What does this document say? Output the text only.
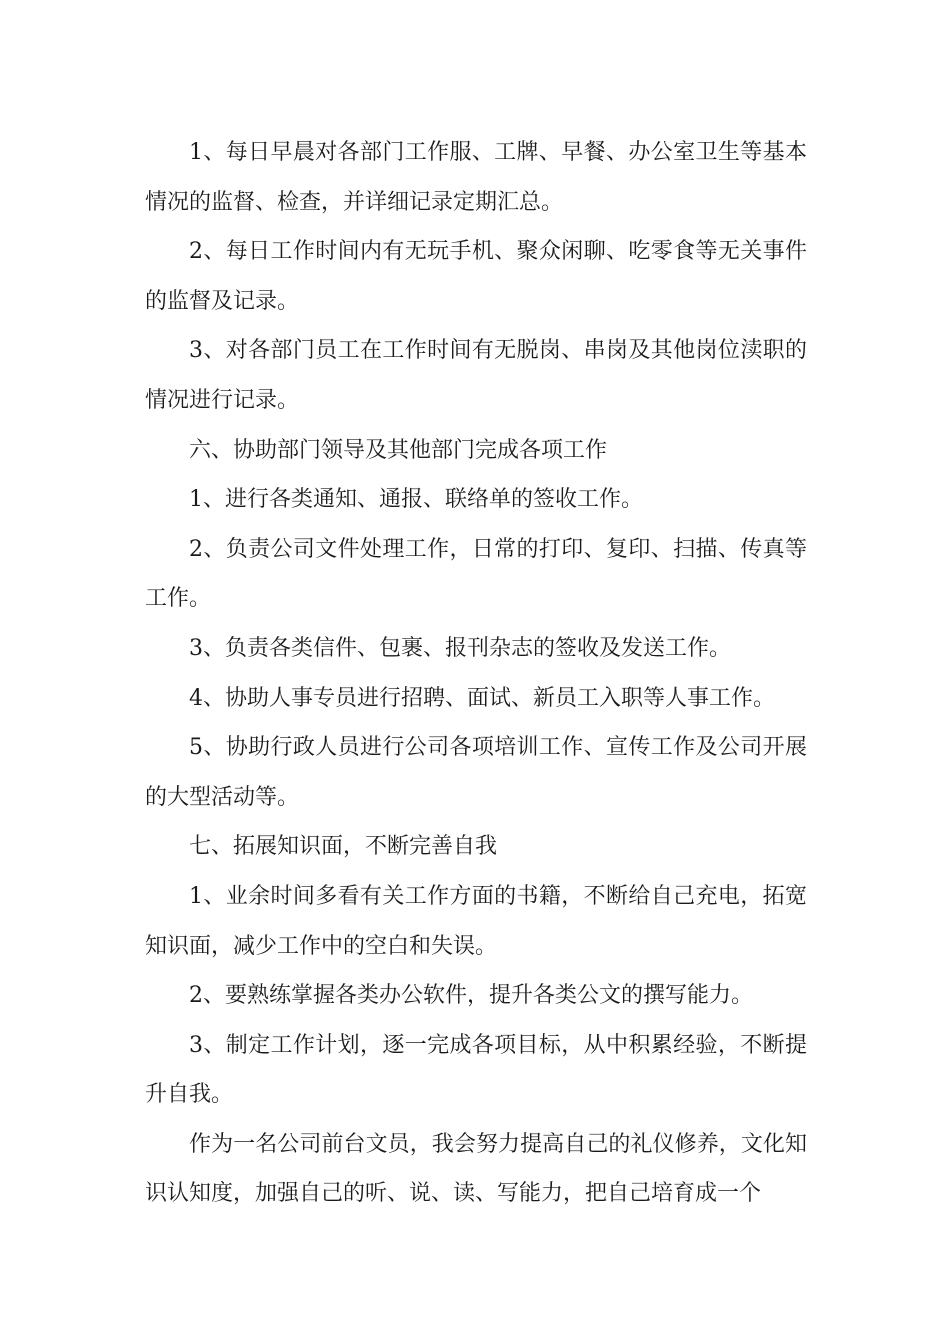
1、每日早晨对各部门工作服、工牌、早餐、办公室卫生等基本情况的监督、检查，并详细记录定期汇总。

2、每日工作时间内有无玩手机、聚众闲聊、吃零食等无关事件的监督及记录。

3、对各部门员工在工作时间有无脱岗、串岗及其他岗位渎职的情况进行记录。

六、协助部门领导及其他部门完成各项工作

1、进行各类通知、通报、联络单的签收工作。

2、负责公司文件处理工作，日常的打印、复印、扫描、传真等工作。

3、负责各类信件、包裹、报刊杂志的签收及发送工作。

4、协助人事专员进行招聘、面试、新员工入职等人事工作。

5、协助行政人员进行公司各项培训工作、宣传工作及公司开展的大型活动等。

七、拓展知识面，不断完善自我

1、业余时间多看有关工作方面的书籍，不断给自己充电，拓宽知识面，减少工作中的空白和失误。

2、要熟练掌握各类办公软件，提升各类公文的撰写能力。

3、制定工作计划，逐一完成各项目标，从中积累经验，不断提升自我。

作为一名公司前台文员，我会努力提高自己的礼仪修养，文化知识认知度，加强自己的听、说、读、写能力，把自己培育成一个
